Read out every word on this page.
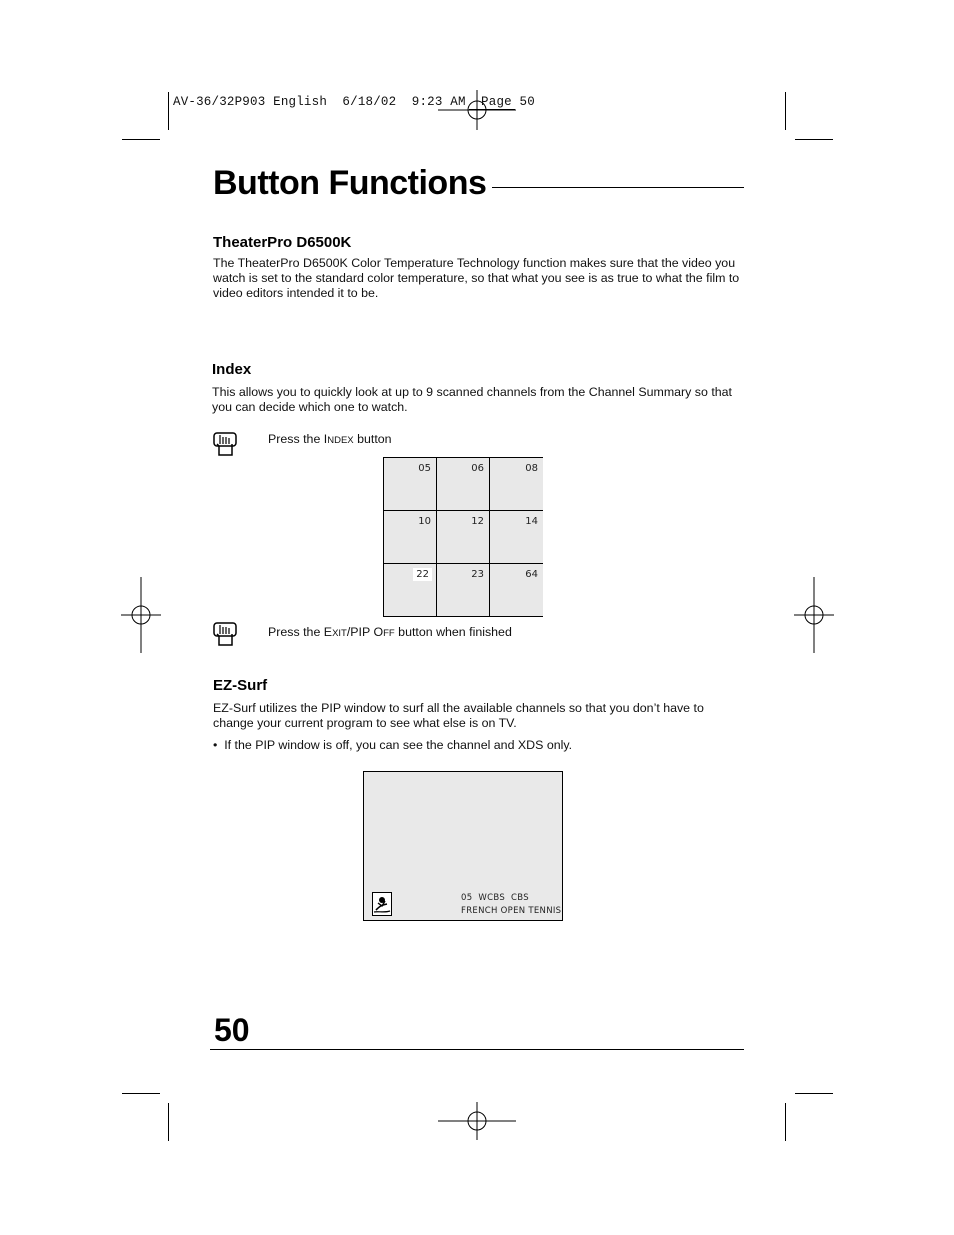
AV-36/32P903 English  6/18/02  9:23 AM  Page 50
Button Functions
TheaterPro D6500K

The TheaterPro D6500K Color Temperature Technology function makes sure that the video you watch is set to the standard color temperature, so that what you see is as true to what the film to video editors intended it to be.

Index

This allows you to quickly look at up to 9 scanned channels from the Channel Summary so that you can decide which one to watch.

Press the INDEX button

05	06	08
10	12	14
22	23	64

Press the EXIT/PIP OFF button when finished

EZ-Surf

EZ-Surf utilizes the PIP window to surf all the available channels so that you don’t have to change your current program to see what else is on TV.

•  If the PIP window is off, you can see the channel and XDS only.

05  WCBS  CBS
FRENCH OPEN TENNIS
50
